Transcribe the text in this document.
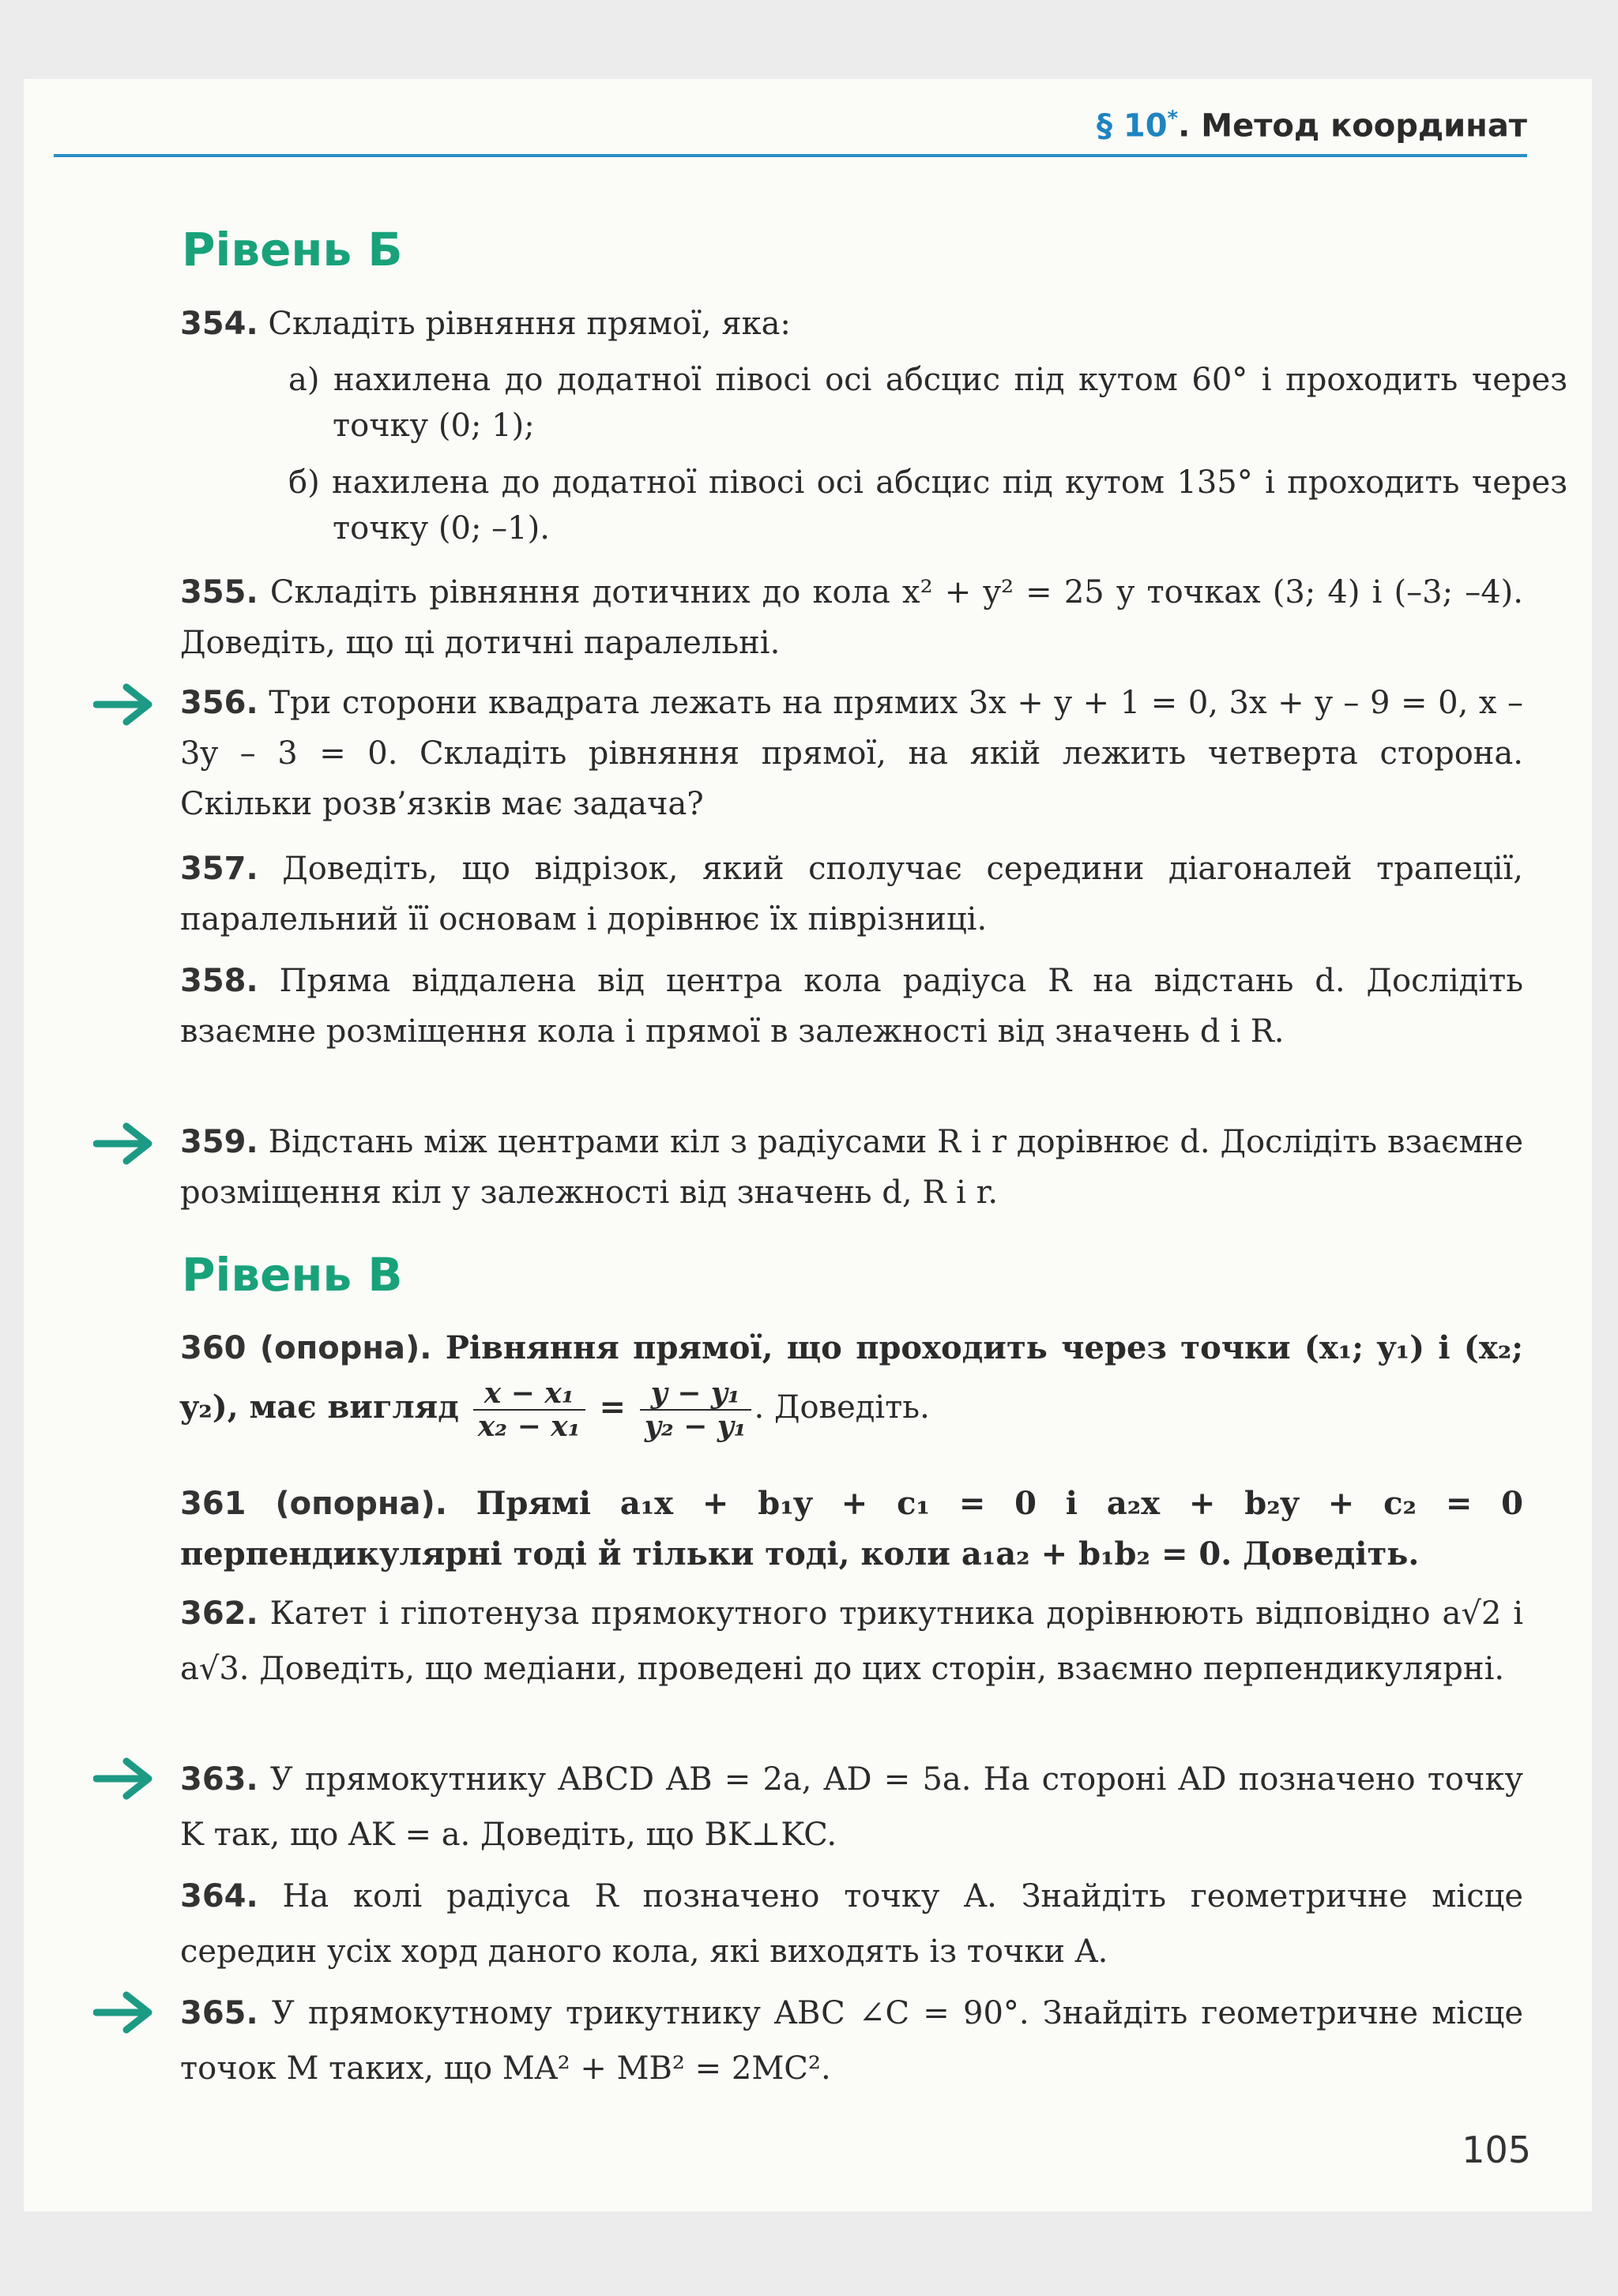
§ 10*. Метод координат
Рівень Б
354. Складіть рівняння прямої, яка:
а) нахилена до додатної півосі осі абсцис під кутом 60° і проходить через точку (0; 1);
б) нахилена до додатної півосі осі абсцис під кутом 135° і проходить через точку (0; –1).
355. Складіть рівняння дотичних до кола x² + y² = 25 у точках (3; 4) і (–3; –4). Доведіть, що ці дотичні паралельні.
356. Три сторони квадрата лежать на прямих 3x + y + 1 = 0, 3x + y – 9 = 0, x – 3y – 3 = 0. Складіть рівняння прямої, на якій лежить четверта сторона. Скільки розв’язків має задача?
357. Доведіть, що відрізок, який сполучає середини діагоналей трапеції, паралельний її основам і дорівнює їх піврізниці.
358. Пряма віддалена від центра кола радіуса R на відстань d. Дослідіть взаємне розміщення кола і прямої в залежності від значень d і R.
359. Відстань між центрами кіл з радіусами R і r дорівнює d. Дослідіть взаємне розміщення кіл у залежності від значень d, R і r.
Рівень В
360 (опорна). Рівняння прямої, що проходить через точки (x₁; y₁) і (x₂; y₂), має вигляд $\frac{\text{x − x₁}}{\text{x₂ − x₁}} = \frac{\text{y − y₁}}{\text{y₂ − y₁}}$ . Доведіть.
361 (опорна). Прямі a₁x + b₁y + c₁ = 0 і a₂x + b₂y + c₂ = 0 перпендикулярні тоді й тільки тоді, коли a₁a₂ + b₁b₂ = 0. Доведіть.
362. Катет і гіпотенуза прямокутного трикутника дорівнюють відповідно a√2 і a√3. Доведіть, що медіани, проведені до цих сторін, взаємно перпендикулярні.
363. У прямокутнику ABCD AB = 2a, AD = 5a. На стороні AD позначено точку K так, що AK = a. Доведіть, що BK⊥KC.
364. На колі радіуса R позначено точку A. Знайдіть геометричне місце середин усіх хорд даного кола, які виходять із точки A.
365. У прямокутному трикутнику ABC ∠C = 90°. Знайдіть геометричне місце точок M таких, що MA² + MB² = 2MC².
105
